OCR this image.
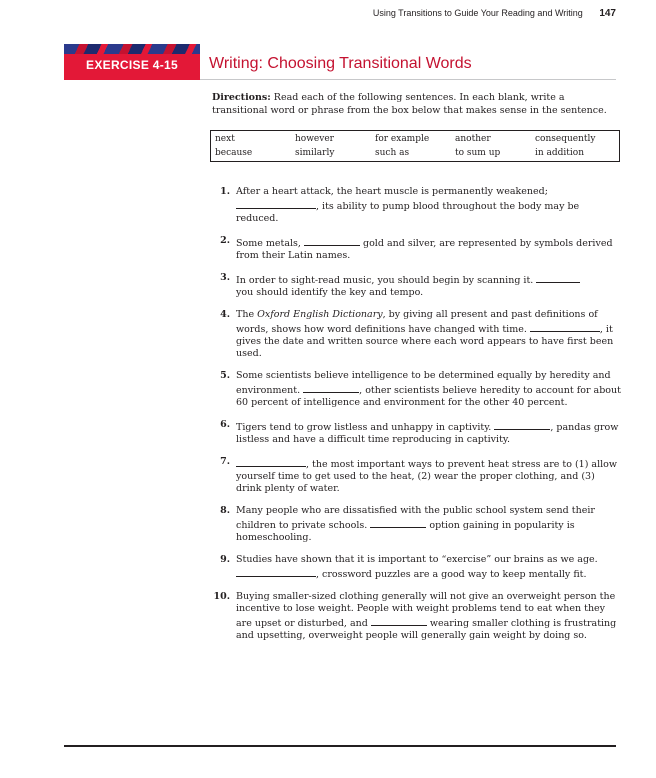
Using Transitions to Guide Your Reading and Writing 147
EXERCISE 4-15	Writing: Choosing Transitional Words
Directions: Read each of the following sentences. In each blank, write a transitional word or phrase from the box below that makes sense in the sentence.
next	however	for example	another	consequently
because	similarly	such as	to sum up	in addition
1. After a heart attack, the heart muscle is permanently weakened;
, its ability to pump blood throughout the body may be reduced.
2. Some metals,	gold and silver, are represented by symbols derived from their Latin names.
3. In order to sight-read music, you should begin by scanning it.
you should identify the key and tempo.
4. The Oxford English Dictionary, by giving all present and past definitions of words, shows how word definitions have changed with time.	, it gives the date and written source where each word appears to have first been used.
5. Some scientists believe intelligence to be determined equally by heredity and environment.	, other scientists believe heredity to account for about 60 percent of intelligence and environment for the other 40 percent.
6. Tigers tend to grow listless and unhappy in captivity.	, pandas grow listless and have a difficult time reproducing in captivity.
7.	, the most important ways to prevent heat stress are to (1) allow yourself time to get used to the heat, (2) wear the proper clothing, and (3) drink plenty of water.
8. Many people who are dissatisfied with the public school system send their children to private schools.	option gaining in popularity is homeschooling.
9. Studies have shown that it is important to “exercise” our brains as we age.
, crossword puzzles are a good way to keep mentally fit.
10. Buying smaller-sized clothing generally will not give an overweight person the incentive to lose weight. People with weight problems tend to eat when they are upset or disturbed, and	wearing smaller clothing is frustrating and upsetting, overweight people will generally gain weight by doing so.
